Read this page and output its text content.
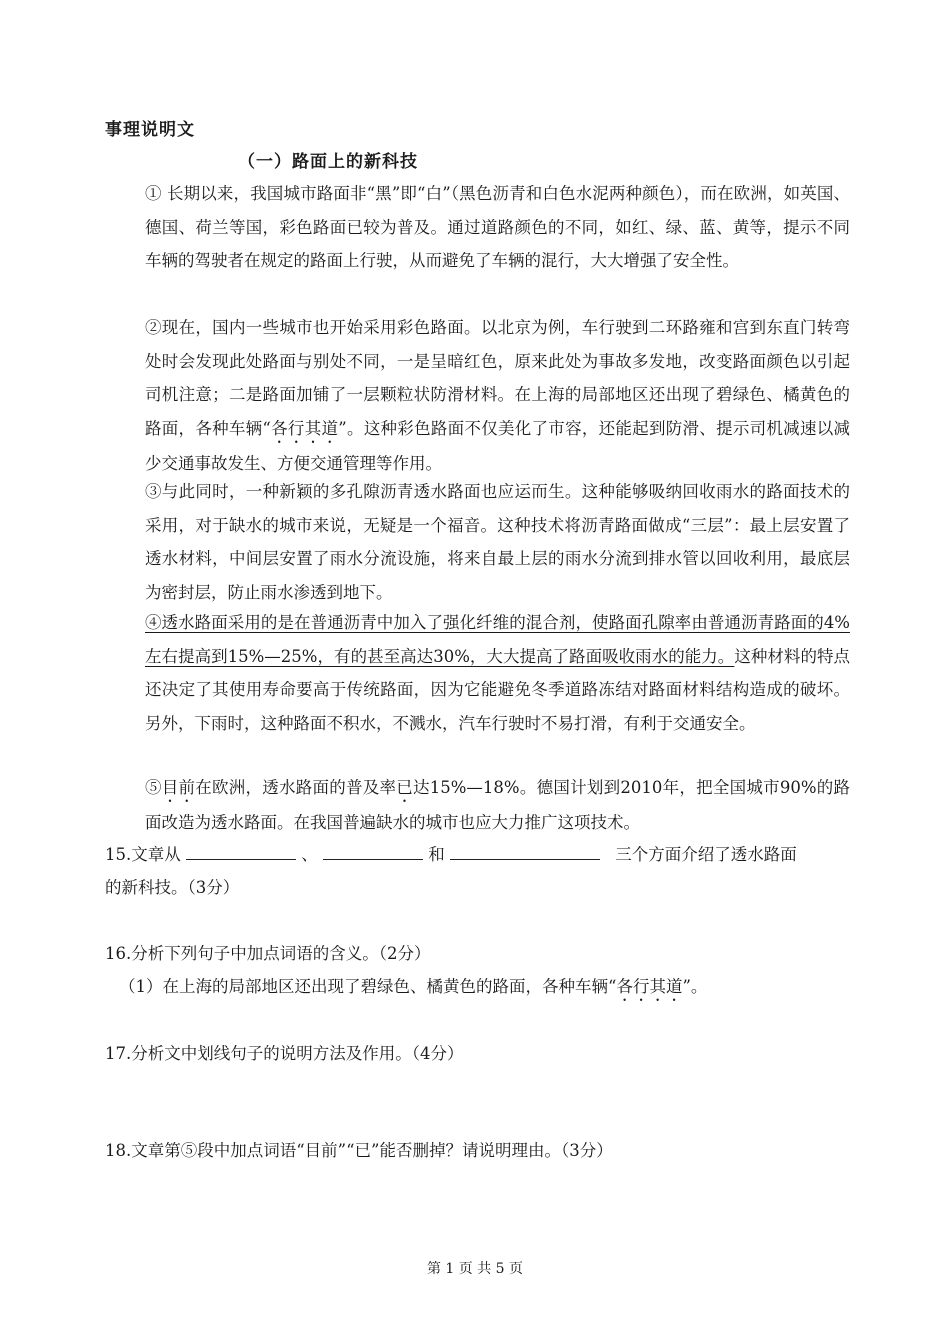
事理说明文
（一）路面上的新科技
① 长期以来，我国城市路面非“黑”即“白”（黑色沥青和白色水泥两种颜色），而在欧洲，如英国、德国、荷兰等国，彩色路面已较为普及。通过道路颜色的不同，如红、绿、蓝、黄等，提示不同车辆的驾驶者在规定的路面上行驶，从而避免了车辆的混行，大大增强了安全性。
②现在，国内一些城市也开始采用彩色路面。以北京为例，车行驶到二环路雍和宫到东直门转弯处时会发现此处路面与别处不同，一是呈暗红色，原来此处为事故多发地，改变路面颜色以引起司机注意；二是路面加铺了一层颗粒状防滑材料。在上海的局部地区还出现了碧绿色、橘黄色的路面，各种车辆“各行其道”。这种彩色路面不仅美化了市容，还能起到防滑、提示司机减速以减少交通事故发生、方便交通管理等作用。
③与此同时，一种新颖的多孔隙沥青透水路面也应运而生。这种能够吸纳回收雨水的路面技术的采用，对于缺水的城市来说，无疑是一个福音。这种技术将沥青路面做成“三层”：最上层安置了透水材料，中间层安置了雨水分流设施，将来自最上层的雨水分流到排水管以回收利用，最底层为密封层，防止雨水渗透到地下。
④透水路面采用的是在普通沥青中加入了强化纤维的混合剂，使路面孔隙率由普通沥青路面的4%左右提高到15%—25%，有的甚至高达30%，大大提高了路面吸收雨水的能力。这种材料的特点还决定了其使用寿命要高于传统路面，因为它能避免冬季道路冻结对路面材料结构造成的破坏。另外，下雨时，这种路面不积水，不溅水，汽车行驶时不易打滑，有利于交通安全。
⑤目前在欧洲，透水路面的普及率已达15%—18%。德国计划到2010年，把全国城市90%的路面改造为透水路面。在我国普遍缺水的城市也应大力推广这项技术。
15.文章从	、	和	三个方面介绍了透水路面
的新科技。（3分）
16.分析下列句子中加点词语的含义。（2分）
（1）在上海的局部地区还出现了碧绿色、橘黄色的路面，各种车辆“各行其道”。
17.分析文中划线句子的说明方法及作用。（4分）
18.文章第⑤段中加点词语“目前”“已”能否删掉？请说明理由。（3分）
第 1 页 共 5 页
